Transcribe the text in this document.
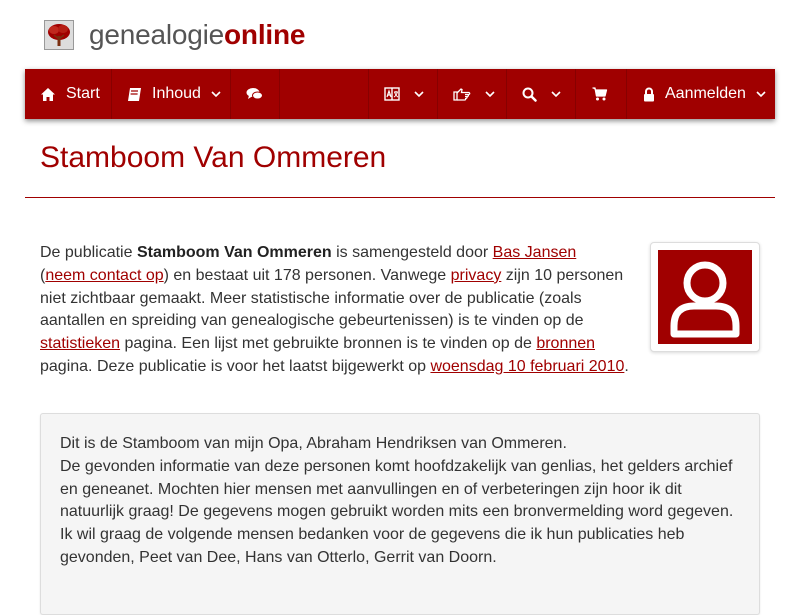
genealogieonline
Start	Inhoud	Aanmelden
Stamboom Van Ommeren
De publicatie Stamboom Van Ommeren is samengesteld door Bas Jansen
(neem contact op) en bestaat uit 178 personen. Vanwege privacy zijn 10 personen niet zichtbaar gemaakt. Meer statistische informatie over de publicatie (zoals aantallen en spreiding van genealogische gebeurtenissen) is te vinden op de statistieken pagina. Een lijst met gebruikte bronnen is te vinden op de bronnen pagina. Deze publicatie is voor het laatst bijgewerkt op woensdag 10 februari 2010.
Dit is de Stamboom van mijn Opa, Abraham Hendriksen van Ommeren.
De gevonden informatie van deze personen komt hoofdzakelijk van genlias, het gelders archief en geneanet. Mochten hier mensen met aanvullingen en of verbeteringen zijn hoor ik dit natuurlijk graag! De gegevens mogen gebruikt worden mits een bronvermelding word gegeven.
Ik wil graag de volgende mensen bedanken voor de gegevens die ik hun publicaties heb gevonden, Peet van Dee, Hans van Otterlo, Gerrit van Doorn.
